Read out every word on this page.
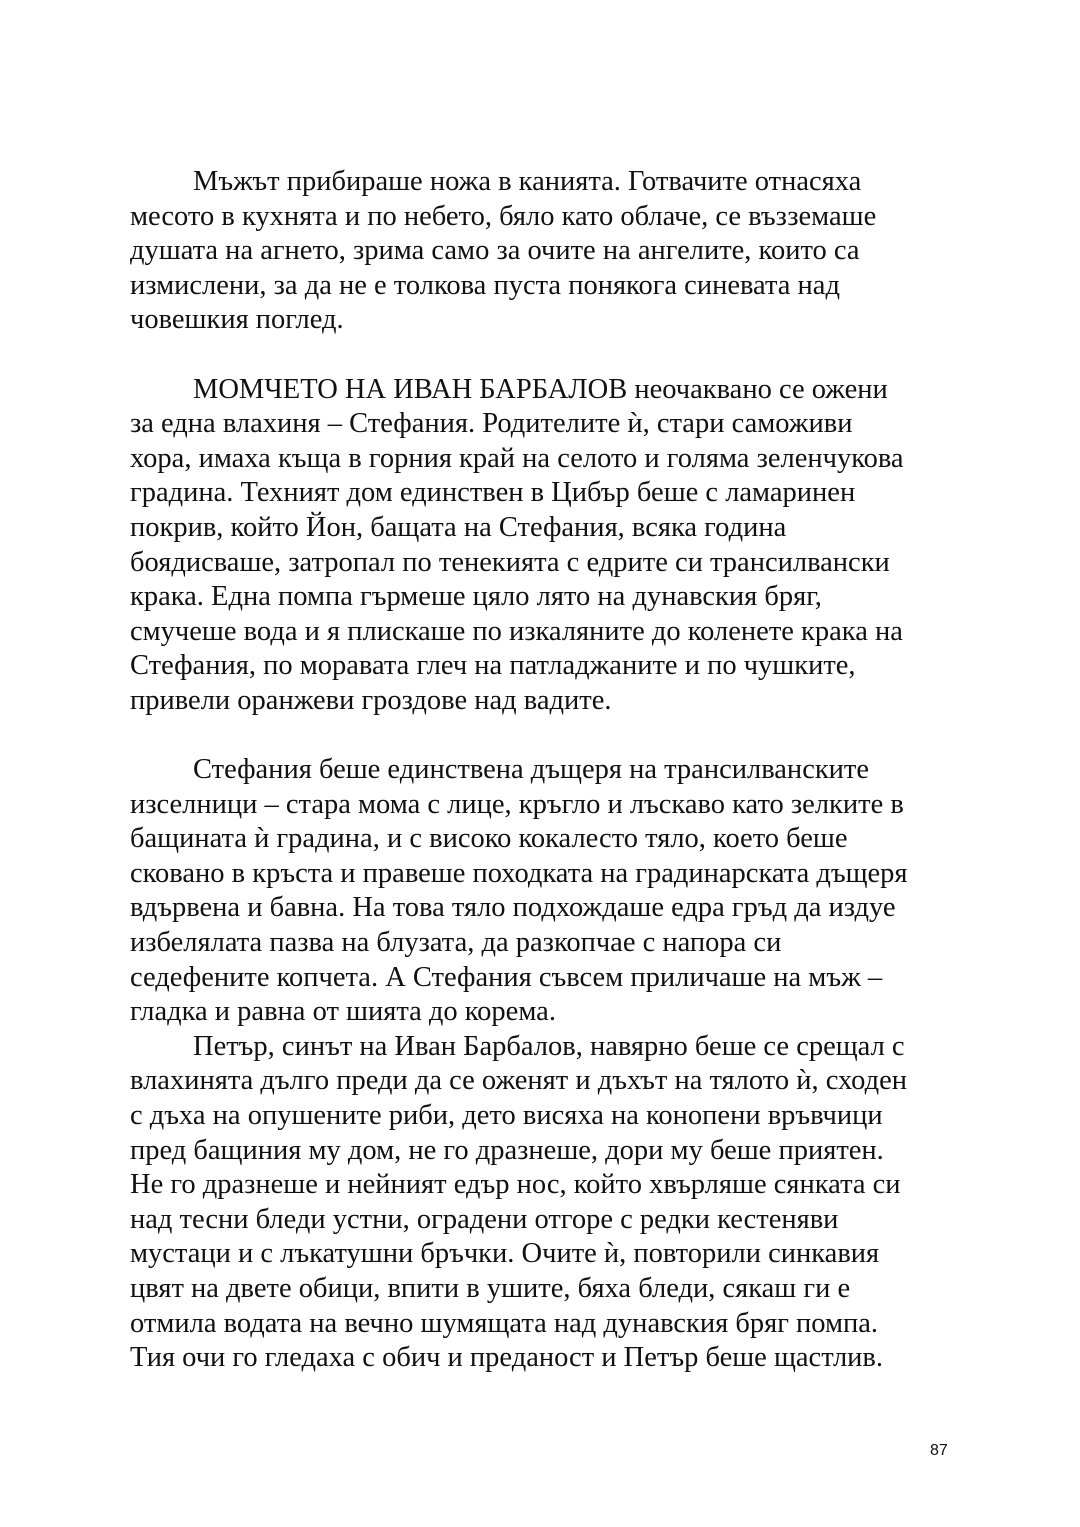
Мъжът прибираше ножа в канията. Готвачите отнасяха
месото в кухнята и по небето, бяло като облаче, се възземаше
душата на агнето, зрима само за очите на ангелите, които са
измислени, за да не е толкова пуста понякога синевата над
човешкия поглед.
МОМЧЕТО НА ИВАН БАРБАЛОВ неочаквано се ожени
за една влахиня – Стефания. Родителите ѝ, стари саможиви
хора, имаха къща в горния край на селото и голяма зеленчукова
градина. Техният дом единствен в Цибър беше с ламаринен
покрив, който Йон, бащата на Стефания, всяка година
боядисваше, затропал по тенекията с едрите си трансилвански
крака. Една помпа гърмеше цяло лято на дунавския бряг,
смучеше вода и я плискаше по изкаляните до коленете крака на
Стефания, по моравата глеч на патладжаните и по чушките,
привели оранжеви гроздове над вадите.
Стефания беше единствена дъщеря на трансилванските
изселници – стара мома с лице, кръгло и лъскаво като зелките в
бащината ѝ градина, и с високо кокалесто тяло, което беше
сковано в кръста и правеше походката на градинарската дъщеря
вдървена и бавна. На това тяло подхождаше едра гръд да издуе
избелялата пазва на блузата, да разкопчае с напора си
седефените копчета. А Стефания съвсем приличаше на мъж –
гладка и равна от шията до корема.
Петър, синът на Иван Барбалов, навярно беше се срещал с
влахинята дълго преди да се оженят и дъхът на тялото ѝ, сходен
с дъха на опушените риби, дето висяха на конопени връвчици
пред бащиния му дом, не го дразнеше, дори му беше приятен.
Не го дразнеше и нейният едър нос, който хвърляше сянката си
над тесни бледи устни, оградени отгоре с редки кестеняви
мустаци и с лъкатушни бръчки. Очите ѝ, повторили синкавия
цвят на двете обици, впити в ушите, бяха бледи, сякаш ги е
отмила водата на вечно шумящата над дунавския бряг помпа.
Тия очи го гледаха с обич и преданост и Петър беше щастлив.
87
